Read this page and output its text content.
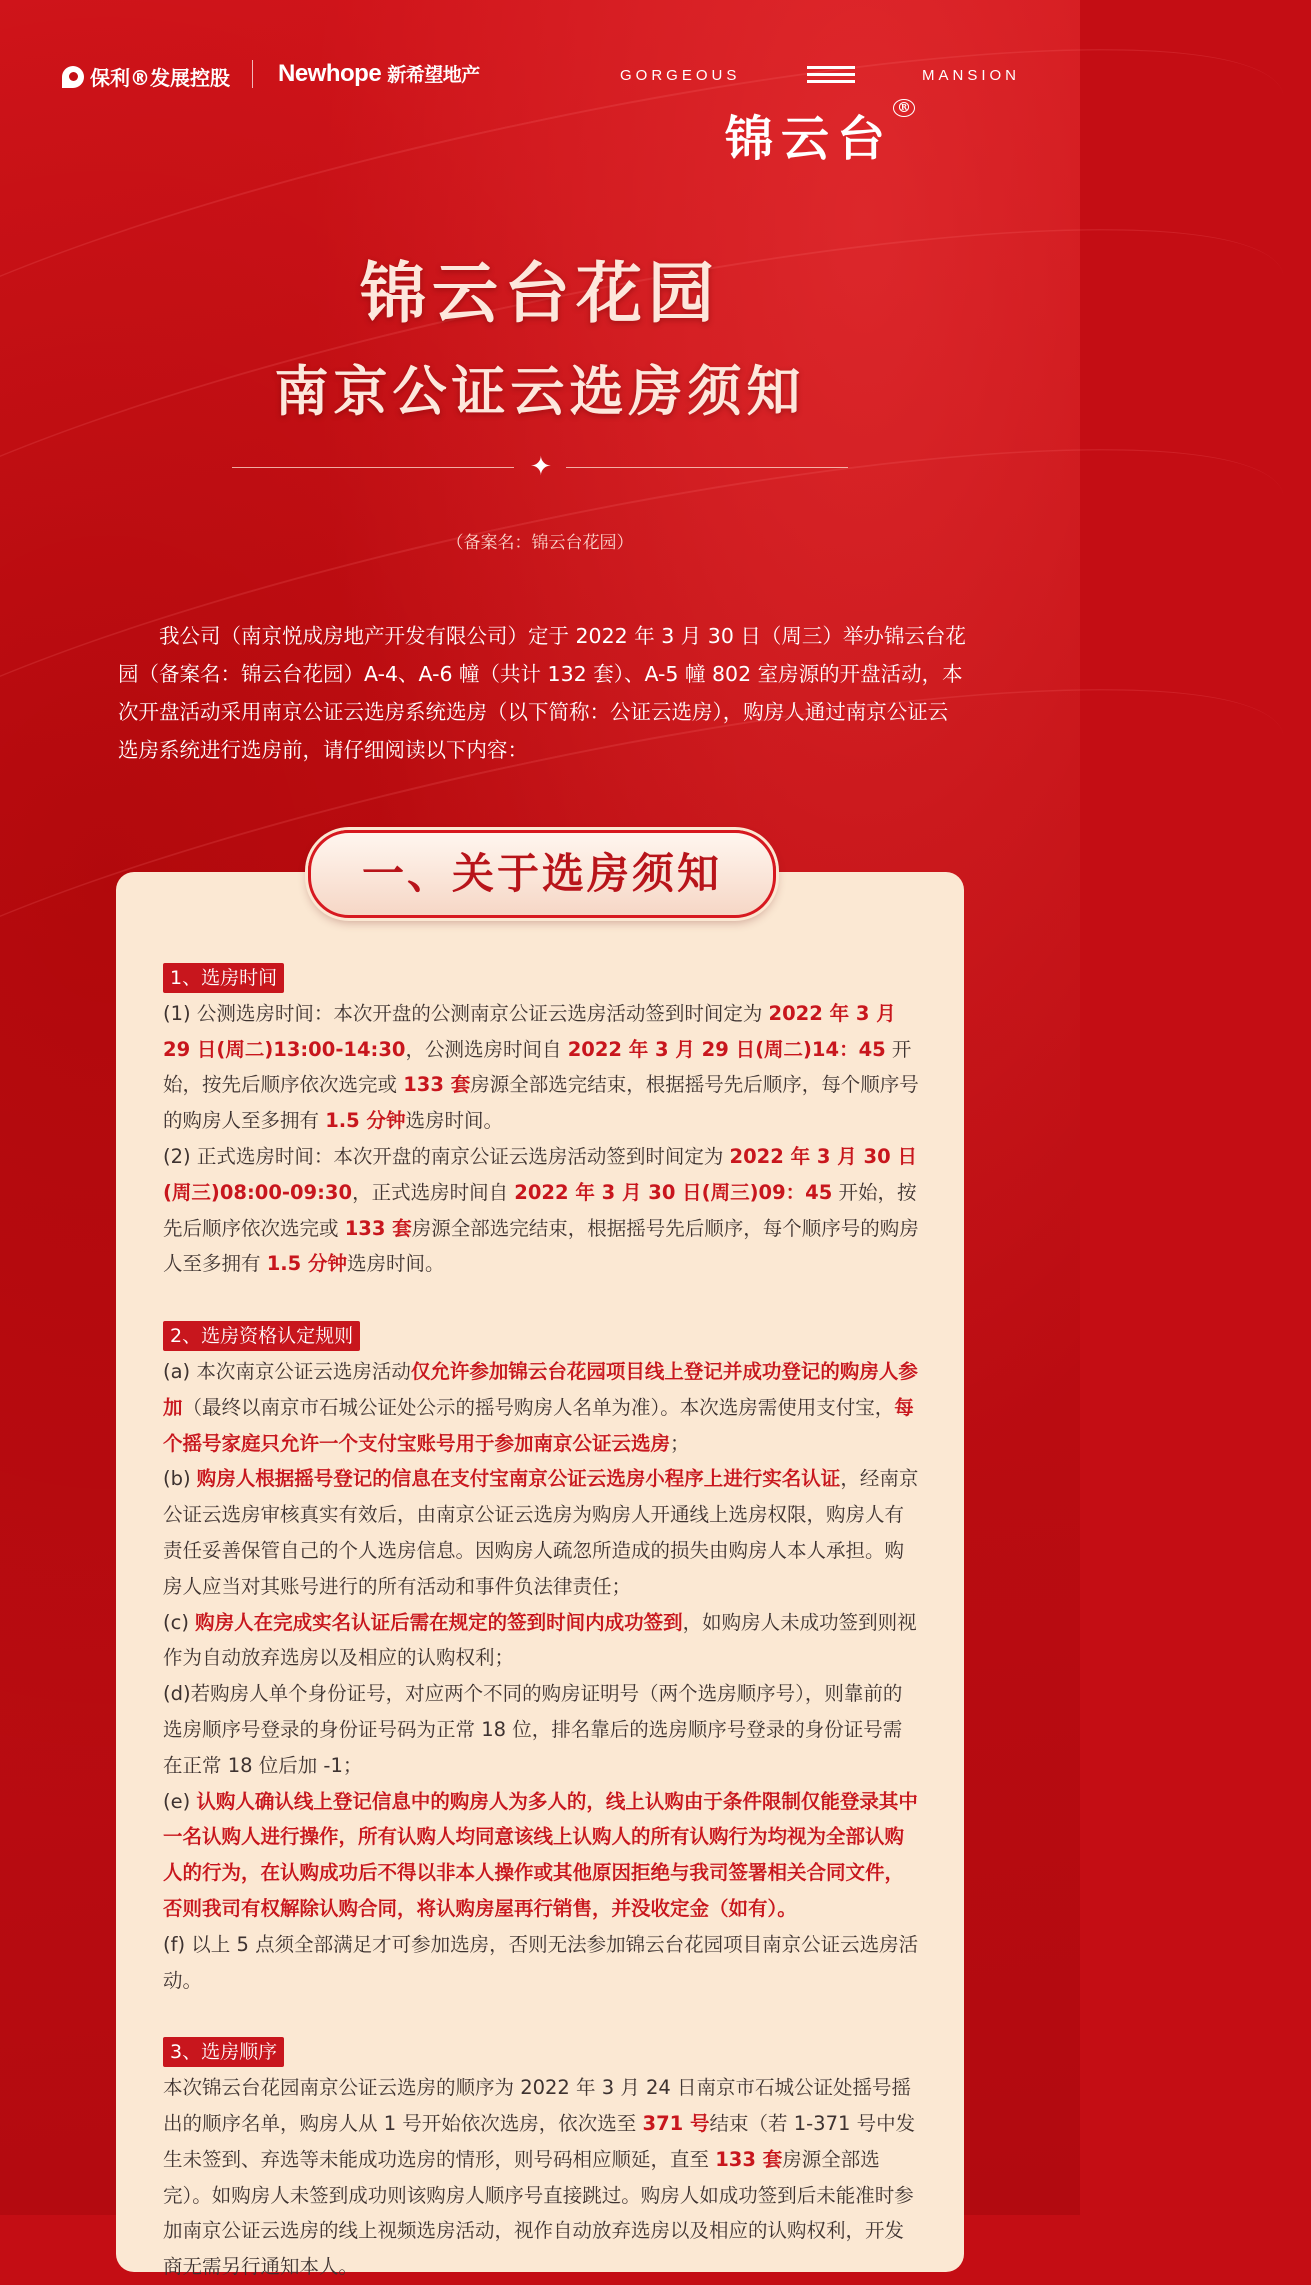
保利®发展控股 Newhope 新希望地产	GORGEOUS	MANSION
锦云台®
锦云台花园
南京公证云选房须知
✦
（备案名：锦云台花园）

我公司（南京悦成房地产开发有限公司）定于 2022 年 3 月 30 日（周三）举办锦云台花园（备案名：锦云台花园）A-4、A-6 幢（共计 132 套）、A-5 幢 802 室房源的开盘活动，本次开盘活动采用南京公证云选房系统选房（以下简称：公证云选房），购房人通过南京公证云选房系统进行选房前，请仔细阅读以下内容：

一、关于选房须知
1、选房时间

(1) 公测选房时间：本次开盘的公测南京公证云选房活动签到时间定为 2022 年 3 月 29 日(周二)13:00-14:30，公测选房时间自 2022 年 3 月 29 日(周二)14：45 开始，按先后顺序依次选完或 133 套房源全部选完结束，根据摇号先后顺序，每个顺序号的购房人至多拥有 1.5 分钟选房时间。

(2) 正式选房时间：本次开盘的南京公证云选房活动签到时间定为 2022 年 3 月 30 日(周三)08:00-09:30，正式选房时间自 2022 年 3 月 30 日(周三)09：45 开始，按先后顺序依次选完或 133 套房源全部选完结束，根据摇号先后顺序，每个顺序号的购房人至多拥有 1.5 分钟选房时间。

2、选房资格认定规则

(a) 本次南京公证云选房活动仅允许参加锦云台花园项目线上登记并成功登记的购房人参加（最终以南京市石城公证处公示的摇号购房人名单为准）。本次选房需使用支付宝，每个摇号家庭只允许一个支付宝账号用于参加南京公证云选房；

(b) 购房人根据摇号登记的信息在支付宝南京公证云选房小程序上进行实名认证，经南京公证云选房审核真实有效后，由南京公证云选房为购房人开通线上选房权限，购房人有责任妥善保管自己的个人选房信息。因购房人疏忽所造成的损失由购房人本人承担。购房人应当对其账号进行的所有活动和事件负法律责任；

(c) 购房人在完成实名认证后需在规定的签到时间内成功签到，如购房人未成功签到则视作为自动放弃选房以及相应的认购权利；

(d)若购房人单个身份证号，对应两个不同的购房证明号（两个选房顺序号），则靠前的选房顺序号登录的身份证号码为正常 18 位，排名靠后的选房顺序号登录的身份证号需在正常 18 位后加 -1；

(e) 认购人确认线上登记信息中的购房人为多人的，线上认购由于条件限制仅能登录其中一名认购人进行操作，所有认购人均同意该线上认购人的所有认购行为均视为全部认购人的行为，在认购成功后不得以非本人操作或其他原因拒绝与我司签署相关合同文件，否则我司有权解除认购合同，将认购房屋再行销售，并没收定金（如有）。

(f) 以上 5 点须全部满足才可参加选房，否则无法参加锦云台花园项目南京公证云选房活动。

3、选房顺序

本次锦云台花园南京公证云选房的顺序为 2022 年 3 月 24 日南京市石城公证处摇号摇出的顺序名单，购房人从 1 号开始依次选房，依次选至 371 号结束（若 1-371 号中发生未签到、弃选等未能成功选房的情形，则号码相应顺延，直至 133 套房源全部选完）。如购房人未签到成功则该购房人顺序号直接跳过。购房人如成功签到后未能准时参加南京公证云选房的线上视频选房活动，视作自动放弃选房以及相应的认购权利，开发商无需另行通知本人。
